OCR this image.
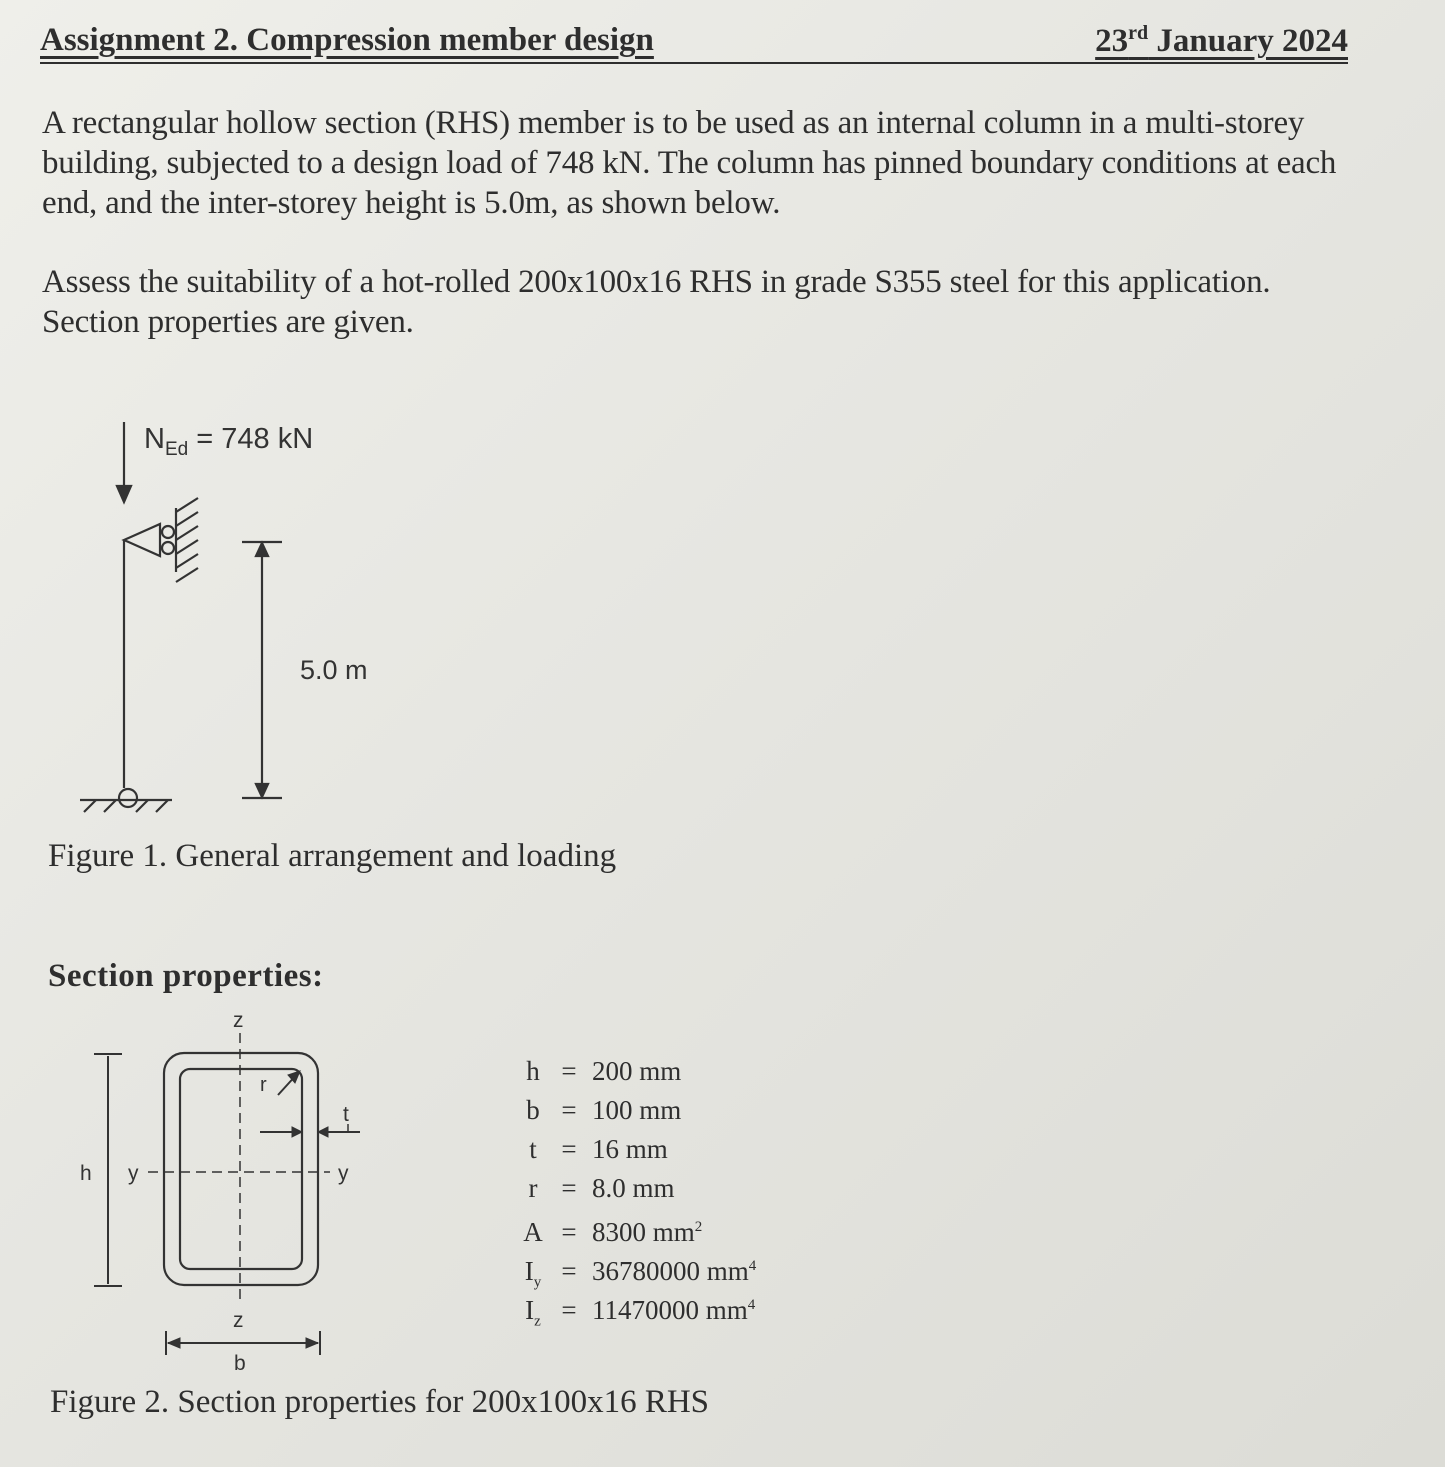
Assignment 2. Compression member design	23rd January 2024
A rectangular hollow section (RHS) member is to be used as an internal column in a multi-storey
building, subjected to a design load of 748 kN. The column has pinned boundary conditions at each
end, and the inter-storey height is 5.0m, as shown below.
Assess the suitability of a hot-rolled 200x100x16 RHS in grade S355 steel for this application.
Section properties are given.
$N_{Ed} = 748$ kN
5.0 m
Figure 1. General arrangement and loading
Section properties:
z
z
y	y
h
b
r
t
h = 200 mm
b = 100 mm
t = 16 mm
r = 8.0 mm
A = 8300 $mm^2$
$I_y = 36780000$ $mm^4$
$I_z = 11470000$ $mm^4$
Figure 2. Section properties for 200x100x16 RHS
